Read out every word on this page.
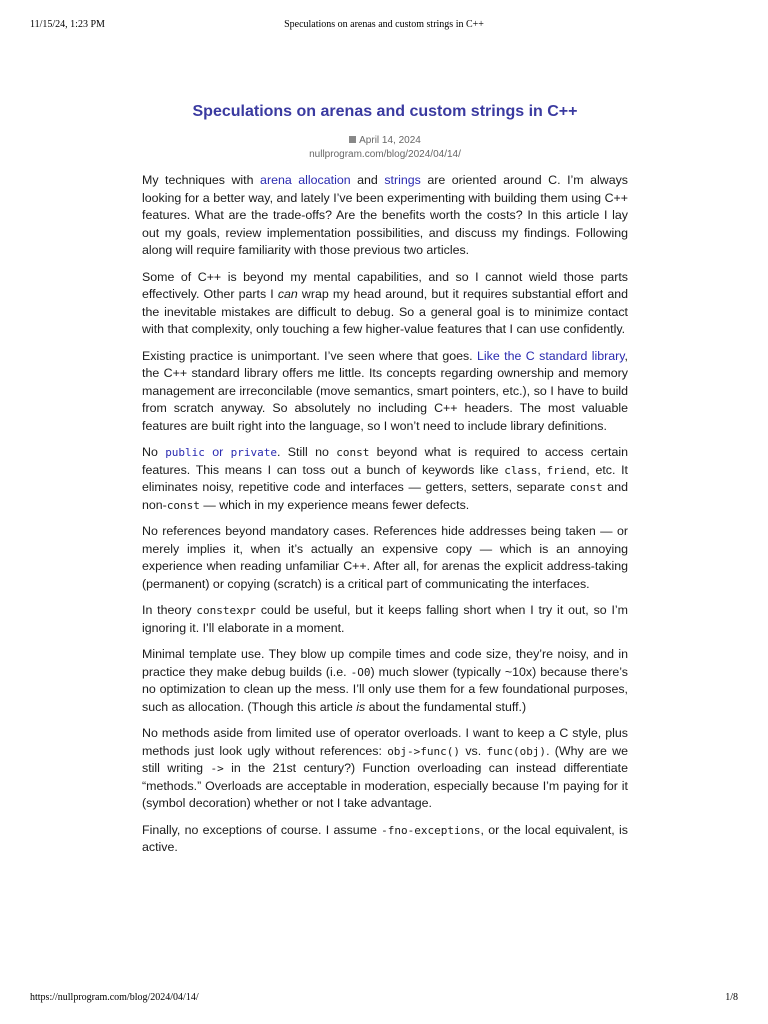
11/15/24, 1:23 PM	Speculations on arenas and custom strings in C++
Speculations on arenas and custom strings in C++
April 14, 2024
nullprogram.com/blog/2024/04/14/

My techniques with arena allocation and strings are oriented around C. I’m always looking for a better way, and lately I’ve been experimenting with building them using C++ features. What are the trade-offs? Are the benefits worth the costs? In this article I lay out my goals, review implementation possibilities, and discuss my findings. Following along will require familiarity with those previous two articles.

Some of C++ is beyond my mental capabilities, and so I cannot wield those parts effectively. Other parts I can wrap my head around, but it requires substantial effort and the inevitable mistakes are difficult to debug. So a general goal is to minimize contact with that complexity, only touching a few higher-value features that I can use confidently.

Existing practice is unimportant. I’ve seen where that goes. Like the C standard library, the C++ standard library offers me little. Its concepts regarding ownership and memory management are irreconcilable (move semantics, smart pointers, etc.), so I have to build from scratch anyway. So absolutely no including C++ headers. The most valuable features are built right into the language, so I won’t need to include library definitions.

No public or private. Still no const beyond what is required to access certain features. This means I can toss out a bunch of keywords like class, friend, etc. It eliminates noisy, repetitive code and interfaces — getters, setters, separate const and non-const — which in my experience means fewer defects.

No references beyond mandatory cases. References hide addresses being taken — or merely implies it, when it’s actually an expensive copy — which is an annoying experience when reading unfamiliar C++. After all, for arenas the explicit address-taking (permanent) or copying (scratch) is a critical part of communicating the interfaces.

In theory constexpr could be useful, but it keeps falling short when I try it out, so I’m ignoring it. I’ll elaborate in a moment.

Minimal template use. They blow up compile times and code size, they’re noisy, and in practice they make debug builds (i.e. -O0) much slower (typically ~10x) because there’s no optimization to clean up the mess. I’ll only use them for a few foundational purposes, such as allocation. (Though this article is about the fundamental stuff.)

No methods aside from limited use of operator overloads. I want to keep a C style, plus methods just look ugly without references: obj->func() vs. func(obj). (Why are we still writing -> in the 21st century?) Function overloading can instead differentiate “methods.” Overloads are acceptable in moderation, especially because I’m paying for it (symbol decoration) whether or not I take advantage.

Finally, no exceptions of course. I assume -fno-exceptions, or the local equivalent, is active.

https://nullprogram.com/blog/2024/04/14/	1/8
